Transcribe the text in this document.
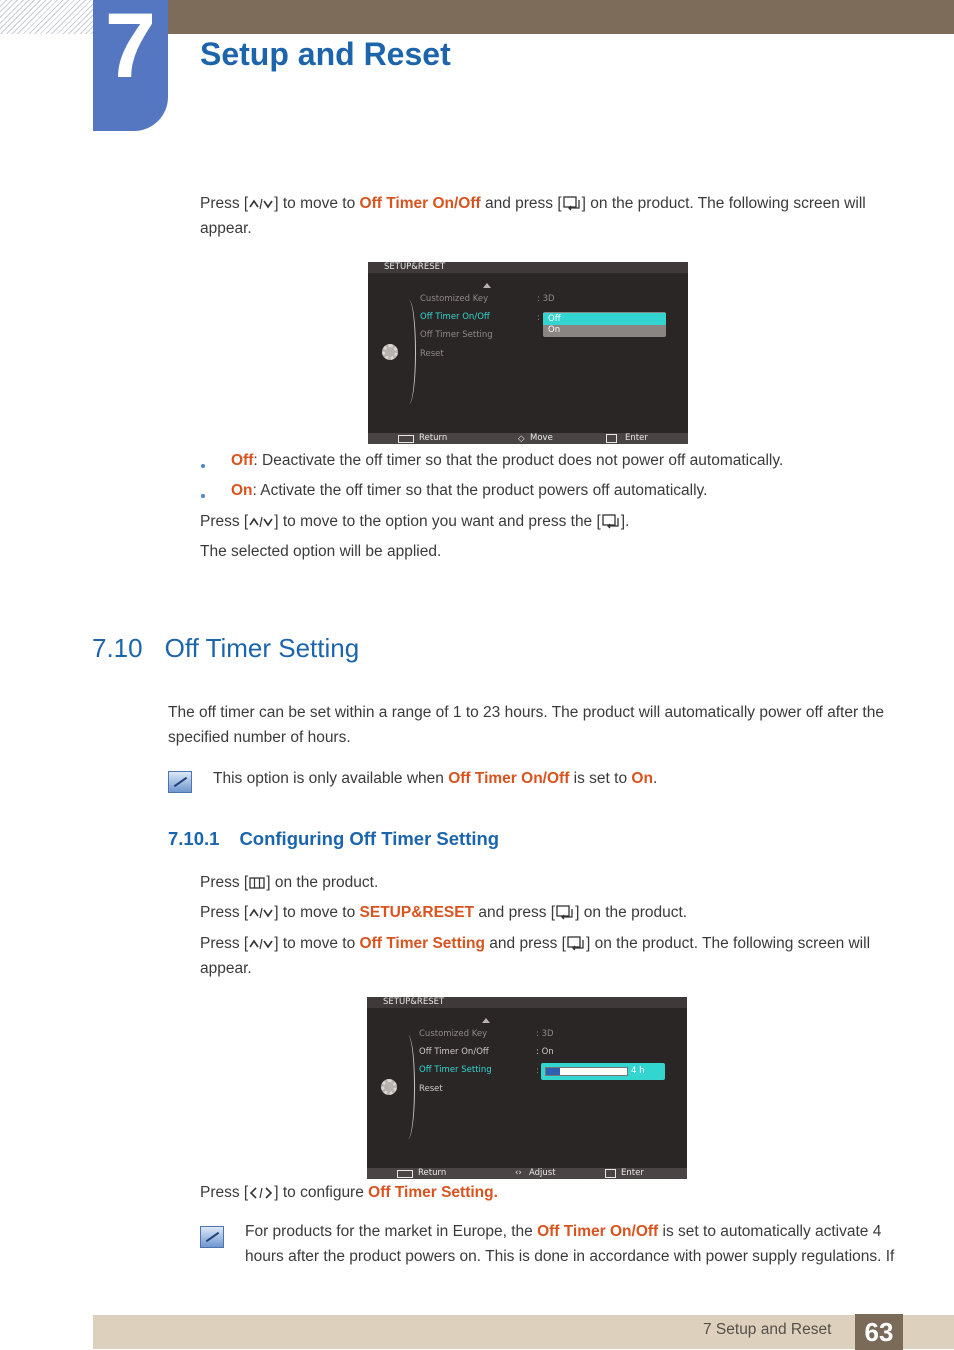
7	Setup and Reset
Press [ ] to move to Off Timer On/Off and press [ ] on the product. The following screen will
appear.
SETUP&RESET
Customized Key
Off Timer On/Off
Off Timer Setting
Reset
: 3D
: Off
On
Return	◇ Move	Enter
Off: Deactivate the off timer so that the product does not power off automatically.
On: Activate the off timer so that the product powers off automatically.
Press [ ] to move to the option you want and press the [ ].
The selected option will be applied.
7.10 Off Timer Setting
The off timer can be set within a range of 1 to 23 hours. The product will automatically power off after the
specified number of hours.
This option is only available when Off Timer On/Off is set to On.
7.10.1 Configuring Off Timer Setting
Press [ ] on the product.
Press [ ] to move to SETUP&RESET and press [ ] on the product.
Press [ ] to move to Off Timer Setting and press [ ] on the product. The following screen will
appear.
SETUP&RESET
Customized Key
Off Timer On/Off
Off Timer Setting
Reset
: 3D
: On
:	4 h
Return	‹› Adjust	Enter
Press [ ] to configure Off Timer Setting.
For products for the market in Europe, the Off Timer On/Off is set to automatically activate 4
hours after the product powers on. This is done in accordance with power supply regulations. If
7 Setup and Reset	63
